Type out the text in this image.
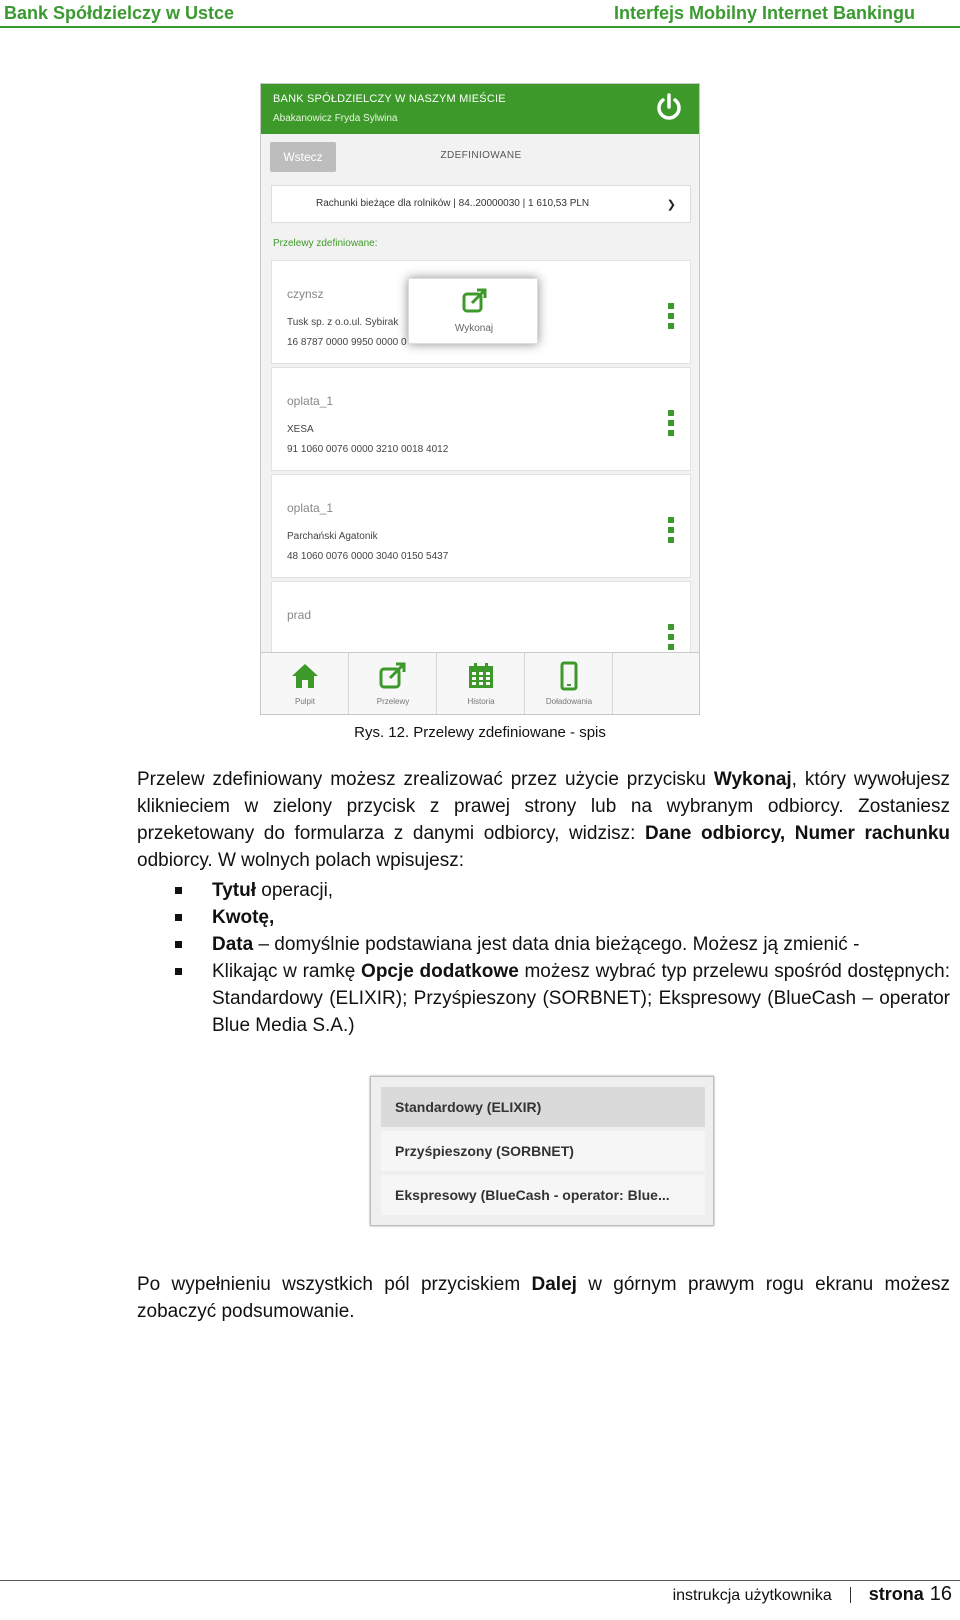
Bank Spółdzielczy w Ustce	Interfejs Mobilny Internet Bankingu
BANK SPÓŁDZIELCZY W NASZYM MIEŚCIE
Abakanowicz Fryda Sylwina
Wstecz	ZDEFINIOWANE
Rachunki bieżące dla rolników | 84..20000030 | 1 610,53 PLN	❯
Przelewy zdefiniowane:
czynsz
Tusk sp. z o.o.ul. Sybirak
16 8787 0000 9950 0000 0
oplata_1
XESA
91 1060 0076 0000 3210 0018 4012
oplata_1
Parchański Agatonik
48 1060 0076 0000 3040 0150 5437
prad
Wykonaj
Pulpit	Przelewy	Historia	Doładowania
Rys. 12. Przelewy zdefiniowane - spis

Przelew zdefiniowany możesz zrealizować przez użycie przycisku Wykonaj, który wywołujesz kliknieciem w zielony przycisk z prawej strony lub na wybranym odbiorcy. Zostaniesz przeketowany do formularza z danymi odbiorcy, widzisz: Dane odbiorcy, Numer rachunku odbiorcy. W wolnych polach wpisujesz:

Tytuł operacji,
Kwotę,
Data – domyślnie podstawiana jest data dnia bieżącego. Możesz ją zmienić -
Klikając w ramkę Opcje dodatkowe możesz wybrać typ przelewu spośród dostępnych: Standardowy (ELIXIR); Przyśpieszony (SORBNET); Ekspresowy (BlueCash – operator Blue Media S.A.)
Standardowy (ELIXIR)
Przyśpieszony (SORBNET)
Ekspresowy (BlueCash - operator: Blue...

Po wypełnieniu wszystkich pól przyciskiem Dalej w górnym prawym rogu ekranu możesz zobaczyć podsumowanie.

instrukcja użytkownika strona 16
